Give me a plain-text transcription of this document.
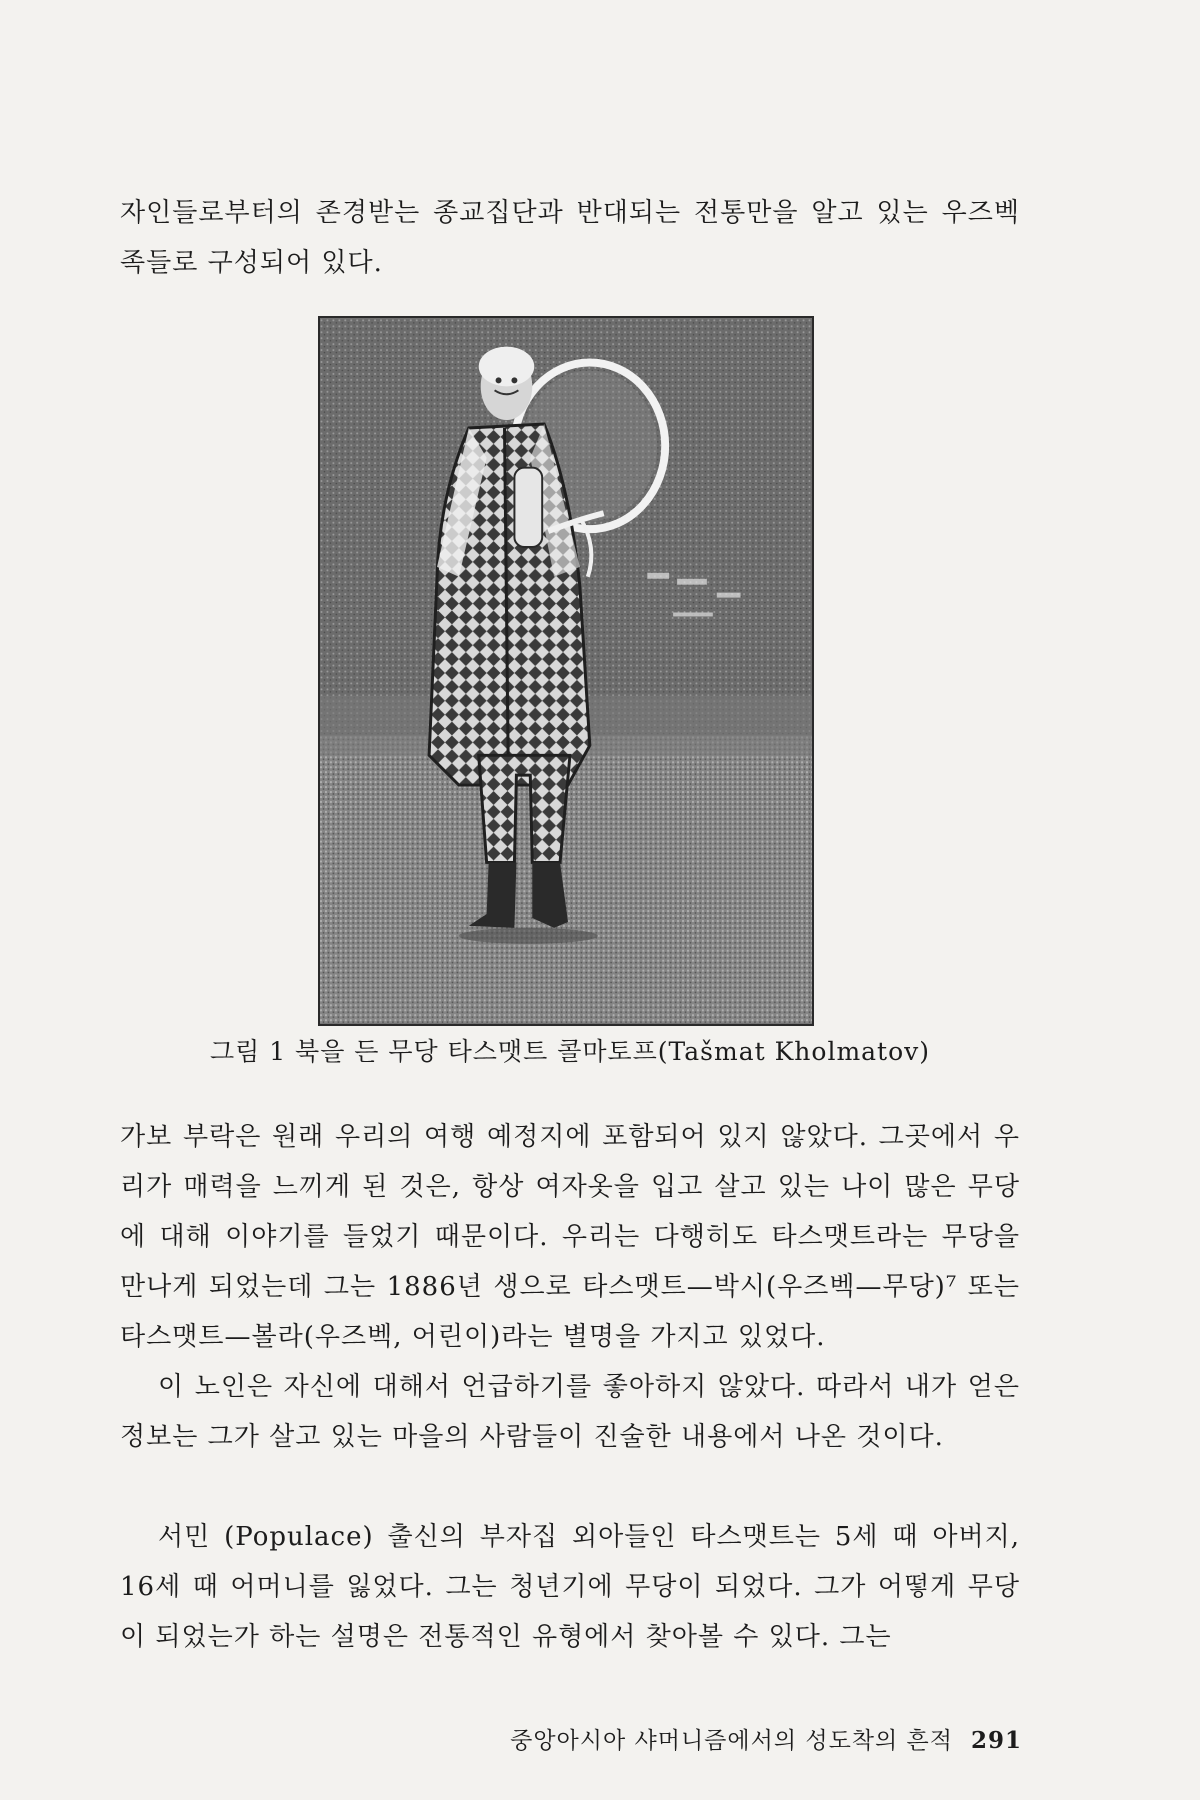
자인들로부터의 존경받는 종교집단과 반대되는 전통만을 알고 있는 우즈벡족들로 구성되어 있다.

그림 1 북을 든 무당 타스맷트 콜마토프(Tašmat Kholmatov)

가보 부락은 원래 우리의 여행 예정지에 포함되어 있지 않았다. 그곳에서 우리가 매력을 느끼게 된 것은, 항상 여자옷을 입고 살고 있는 나이 많은 무당에 대해 이야기를 들었기 때문이다. 우리는 다행히도 타스맷트라는 무당을 만나게 되었는데 그는 1886년 생으로 타스맷트—박시(우즈벡—무당)⁷ 또는 타스맷트—볼라(우즈벡, 어린이)라는 별명을 가지고 있었다.

이 노인은 자신에 대해서 언급하기를 좋아하지 않았다. 따라서 내가 얻은 정보는 그가 살고 있는 마을의 사람들이 진술한 내용에서 나온 것이다.

서민 (Populace) 출신의 부자집 외아들인 타스맷트는 5세 때 아버지, 16세 때 어머니를 잃었다. 그는 청년기에 무당이 되었다. 그가 어떻게 무당이 되었는가 하는 설명은 전통적인 유형에서 찾아볼 수 있다. 그는

중앙아시아 샤머니즘에서의 성도착의 흔적 291
